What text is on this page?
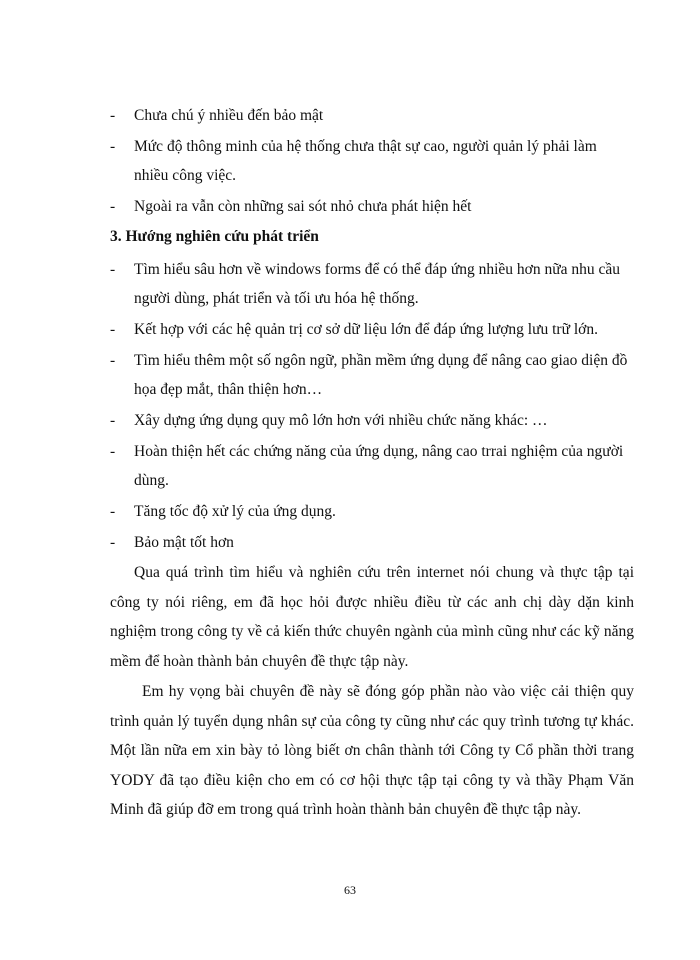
- Chưa chú ý nhiều đến bảo mật
- Mức độ thông minh của hệ thống chưa thật sự cao, người quản lý phải làm nhiều công việc.
- Ngoài ra vẫn còn những sai sót nhỏ chưa phát hiện hết
3. Hướng nghiên cứu phát triển
- Tìm hiểu sâu hơn về windows forms để có thể đáp ứng nhiều hơn nữa nhu cầu người dùng, phát triển và tối ưu hóa hệ thống.
- Kết hợp với các hệ quản trị cơ sở dữ liệu lớn để đáp ứng lượng lưu trữ lớn.
- Tìm hiểu thêm một số ngôn ngữ, phần mềm ứng dụng để nâng cao giao diện đồ họa đẹp mắt, thân thiện hơn…
- Xây dựng ứng dụng quy mô lớn hơn với nhiều chức năng khác: …
- Hoàn thiện hết các chứng năng của ứng dụng, nâng cao trrai nghiệm của người dùng.
- Tăng tốc độ xử lý của ứng dụng.
- Bảo mật tốt hơn

Qua quá trình tìm hiểu và nghiên cứu trên internet nói chung và thực tập tại công ty nói riêng, em đã học hỏi được nhiều điều từ các anh chị dày dặn kinh nghiệm trong công ty về cả kiến thức chuyên ngành của mình cũng như các kỹ năng mềm để hoàn thành bản chuyên đề thực tập này.

Em hy vọng bài chuyên đề này sẽ đóng góp phần nào vào việc cải thiện quy trình quản lý tuyển dụng nhân sự của công ty cũng như các quy trình tương tự khác. Một lần nữa em xin bày tỏ lòng biết ơn chân thành tới Công ty Cổ phần thời trang YODY đã tạo điều kiện cho em có cơ hội thực tập tại công ty và thầy Phạm Văn Minh đã giúp đỡ em trong quá trình hoàn thành bản chuyên đề thực tập này.

63
